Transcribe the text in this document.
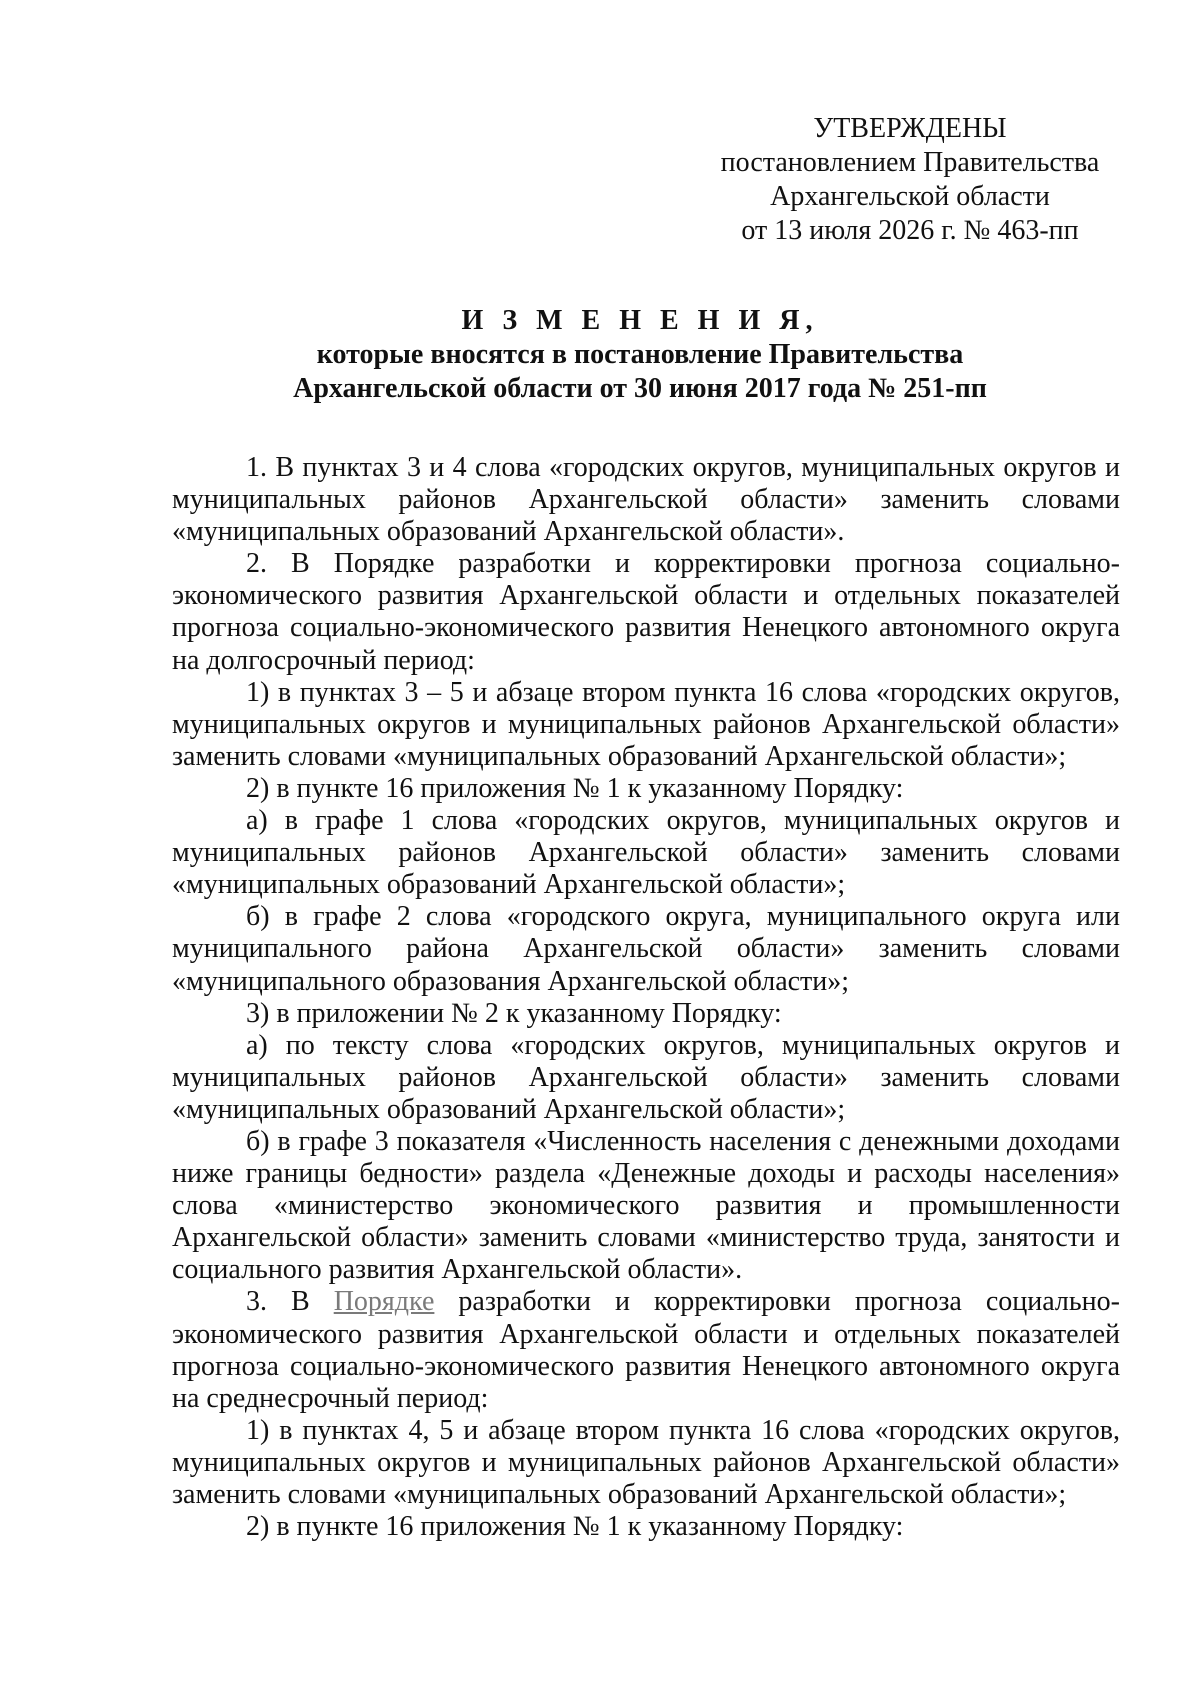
УТВЕРЖДЕНЫ
постановлением Правительства
Архангельской области
от 13 июля 2026 г. № 463-пп
И З М Е Н Е Н И Я,
которые вносятся в постановление Правительства
Архангельской области от 30 июня 2017 года № 251-пп

1. В пунктах 3 и 4 слова «городских округов, муниципальных округов и муниципальных районов Архангельской области» заменить словами «муниципальных образований Архангельской области».

2. В Порядке разработки и корректировки прогноза социально-экономического развития Архангельской области и отдельных показателей прогноза социально-экономического развития Ненецкого автономного округа на долгосрочный период:

1) в пунктах 3 – 5 и абзаце втором пункта 16 слова «городских округов, муниципальных округов и муниципальных районов Архангельской области» заменить словами «муниципальных образований Архангельской области»;

2) в пункте 16 приложения № 1 к указанному Порядку:

а) в графе 1 слова «городских округов, муниципальных округов и муниципальных районов Архангельской области» заменить словами «муниципальных образований Архангельской области»;

б) в графе 2 слова «городского округа, муниципального округа или муниципального района Архангельской области» заменить словами «муниципального образования Архангельской области»;

3) в приложении № 2 к указанному Порядку:

а) по тексту слова «городских округов, муниципальных округов и муниципальных районов Архангельской области» заменить словами «муниципальных образований Архангельской области»;

б) в графе 3 показателя «Численность населения с денежными доходами ниже границы бедности» раздела «Денежные доходы и расходы населения» слова «министерство экономического развития и промышленности Архангельской области» заменить словами «министерство труда, занятости и социального развития Архангельской области».

3. В Порядке разработки и корректировки прогноза социально-экономического развития Архангельской области и отдельных показателей прогноза социально-экономического развития Ненецкого автономного округа на среднесрочный период:

1) в пунктах 4, 5 и абзаце втором пункта 16 слова «городских округов, муниципальных округов и муниципальных районов Архангельской области» заменить словами «муниципальных образований Архангельской области»;

2) в пункте 16 приложения № 1 к указанному Порядку:
